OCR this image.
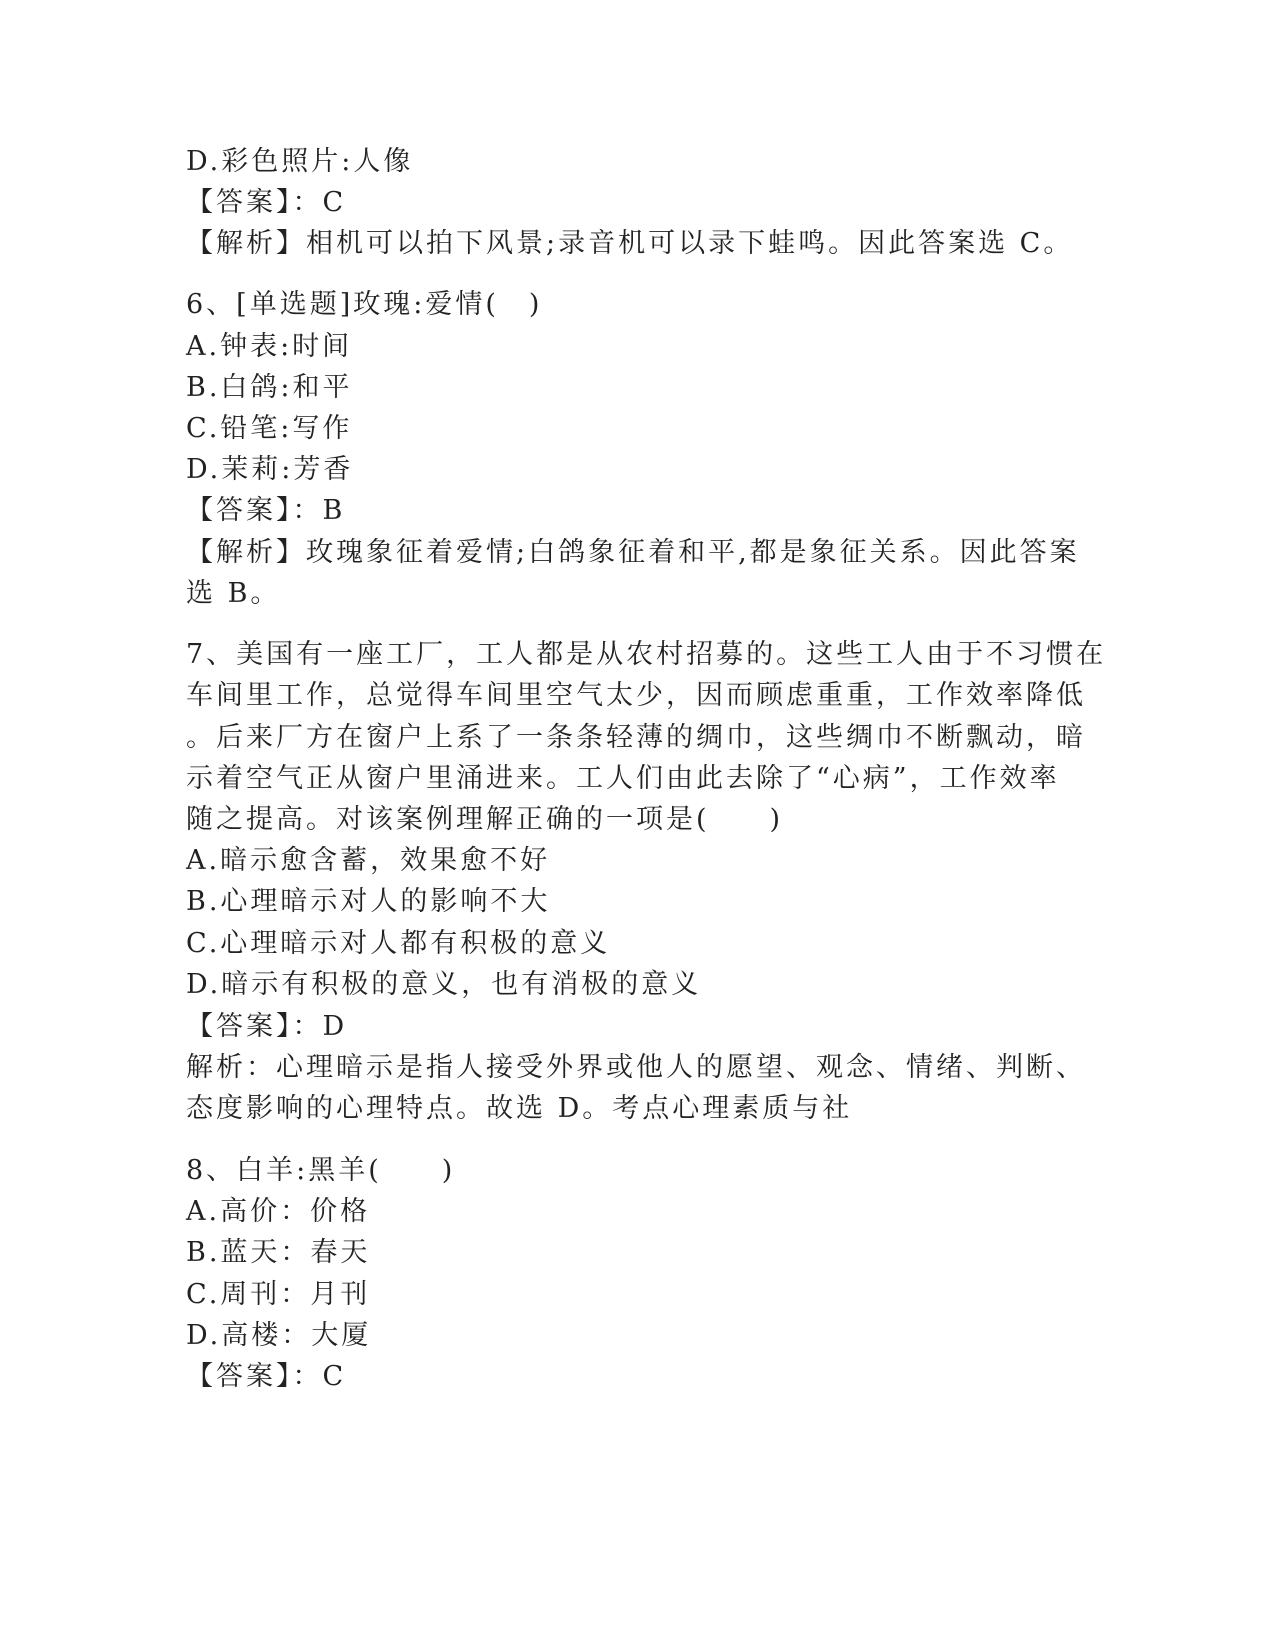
D.彩色照片:人像
【答案】：C
【解析】相机可以拍下风景;录音机可以录下蛙鸣。因此答案选 C。
6、[单选题]玫瑰:爱情(　)
A.钟表:时间
B.白鸽:和平
C.铅笔:写作
D.茉莉:芳香
【答案】：B
【解析】玫瑰象征着爱情;白鸽象征着和平,都是象征关系。因此答案
选 B。
7、美国有一座工厂，工人都是从农村招募的。这些工人由于不习惯在
车间里工作，总觉得车间里空气太少，因而顾虑重重，工作效率降低
。后来厂方在窗户上系了一条条轻薄的绸巾，这些绸巾不断飘动，暗
示着空气正从窗户里涌进来。工人们由此去除了“心病”，工作效率
随之提高。对该案例理解正确的一项是(　　)
A.暗示愈含蓄，效果愈不好
B.心理暗示对人的影响不大
C.心理暗示对人都有积极的意义
D.暗示有积极的意义，也有消极的意义
【答案】：D
解析：心理暗示是指人接受外界或他人的愿望、观念、情绪、判断、
态度影响的心理特点。故选 D。考点心理素质与社
8、白羊:黑羊(　　)
A.高价：价格
B.蓝天：春天
C.周刊：月刊
D.高楼：大厦
【答案】：C
